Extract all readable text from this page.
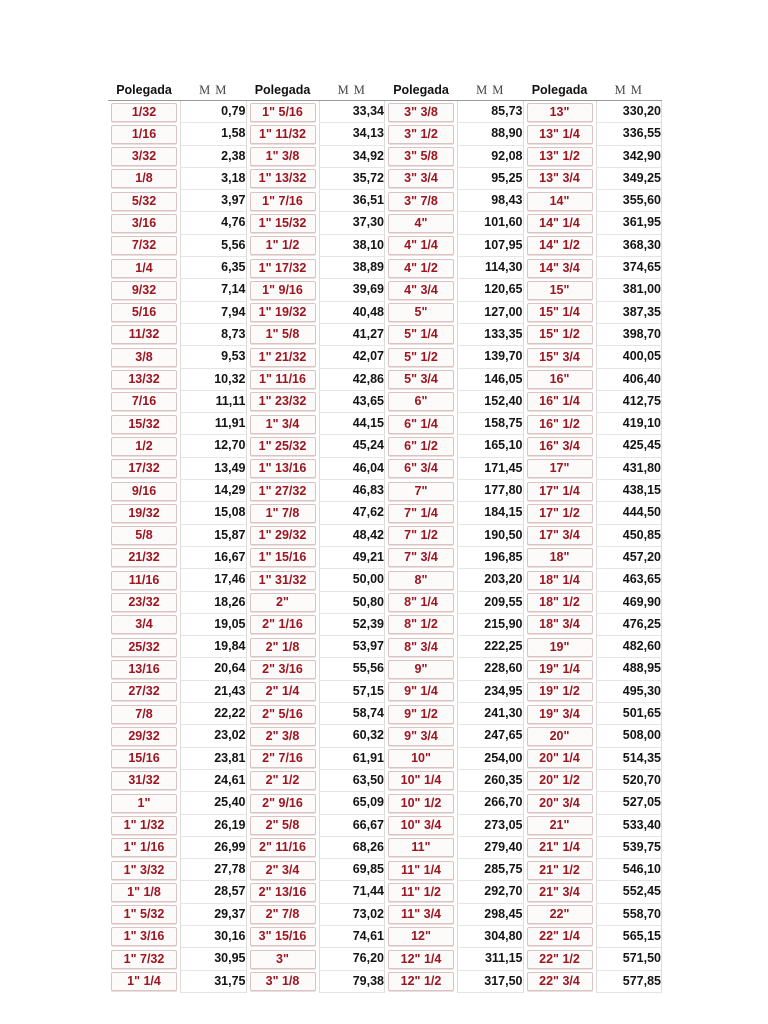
Polegada	M M	Polegada	M M	Polegada	M M	Polegada	M M
1/32	0,79	1" 5/16	33,34	3" 3/8	85,73	13"	330,20
1/16	1,58	1" 11/32	34,13	3" 1/2	88,90	13" 1/4	336,55
3/32	2,38	1" 3/8	34,92	3" 5/8	92,08	13" 1/2	342,90
1/8	3,18	1" 13/32	35,72	3" 3/4	95,25	13" 3/4	349,25
5/32	3,97	1" 7/16	36,51	3" 7/8	98,43	14"	355,60
3/16	4,76	1" 15/32	37,30	4"	101,60	14" 1/4	361,95
7/32	5,56	1" 1/2	38,10	4" 1/4	107,95	14" 1/2	368,30
1/4	6,35	1" 17/32	38,89	4" 1/2	114,30	14" 3/4	374,65
9/32	7,14	1" 9/16	39,69	4" 3/4	120,65	15"	381,00
5/16	7,94	1" 19/32	40,48	5"	127,00	15" 1/4	387,35
11/32	8,73	1" 5/8	41,27	5" 1/4	133,35	15" 1/2	398,70
3/8	9,53	1" 21/32	42,07	5" 1/2	139,70	15" 3/4	400,05
13/32	10,32	1" 11/16	42,86	5" 3/4	146,05	16"	406,40
7/16	11,11	1" 23/32	43,65	6"	152,40	16" 1/4	412,75
15/32	11,91	1" 3/4	44,15	6" 1/4	158,75	16" 1/2	419,10
1/2	12,70	1" 25/32	45,24	6" 1/2	165,10	16" 3/4	425,45
17/32	13,49	1" 13/16	46,04	6" 3/4	171,45	17"	431,80
9/16	14,29	1" 27/32	46,83	7"	177,80	17" 1/4	438,15
19/32	15,08	1" 7/8	47,62	7" 1/4	184,15	17" 1/2	444,50
5/8	15,87	1" 29/32	48,42	7" 1/2	190,50	17" 3/4	450,85
21/32	16,67	1" 15/16	49,21	7" 3/4	196,85	18"	457,20
11/16	17,46	1" 31/32	50,00	8"	203,20	18" 1/4	463,65
23/32	18,26	2"	50,80	8" 1/4	209,55	18" 1/2	469,90
3/4	19,05	2" 1/16	52,39	8" 1/2	215,90	18" 3/4	476,25
25/32	19,84	2" 1/8	53,97	8" 3/4	222,25	19"	482,60
13/16	20,64	2" 3/16	55,56	9"	228,60	19" 1/4	488,95
27/32	21,43	2" 1/4	57,15	9" 1/4	234,95	19" 1/2	495,30
7/8	22,22	2" 5/16	58,74	9" 1/2	241,30	19" 3/4	501,65
29/32	23,02	2" 3/8	60,32	9" 3/4	247,65	20"	508,00
15/16	23,81	2" 7/16	61,91	10"	254,00	20" 1/4	514,35
31/32	24,61	2" 1/2	63,50	10" 1/4	260,35	20" 1/2	520,70
1"	25,40	2" 9/16	65,09	10" 1/2	266,70	20" 3/4	527,05
1" 1/32	26,19	2" 5/8	66,67	10" 3/4	273,05	21"	533,40
1" 1/16	26,99	2" 11/16	68,26	11"	279,40	21" 1/4	539,75
1" 3/32	27,78	2" 3/4	69,85	11" 1/4	285,75	21" 1/2	546,10
1" 1/8	28,57	2" 13/16	71,44	11" 1/2	292,70	21" 3/4	552,45
1" 5/32	29,37	2" 7/8	73,02	11" 3/4	298,45	22"	558,70
1" 3/16	30,16	3" 15/16	74,61	12"	304,80	22" 1/4	565,15
1" 7/32	30,95	3"	76,20	12" 1/4	311,15	22" 1/2	571,50
1" 1/4	31,75	3" 1/8	79,38	12" 1/2	317,50	22" 3/4	577,85
